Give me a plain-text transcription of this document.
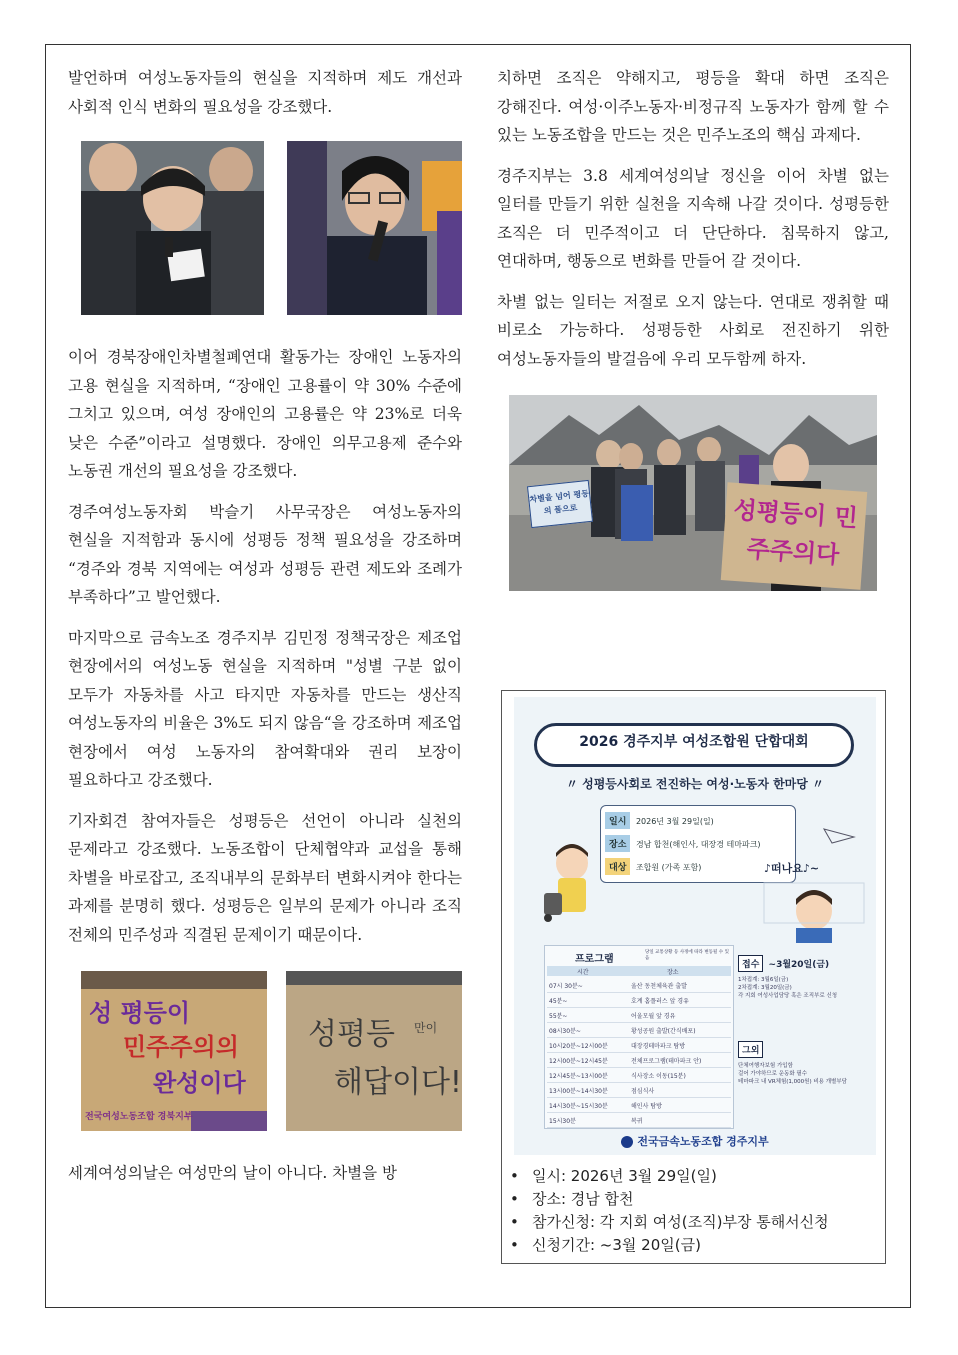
발언하며 여성노동자들의 현실을 지적하며 제도 개선과 사회적 인식 변화의 필요성을 강조했다.

이어 경북장애인차별철폐연대 활동가는 장애인 노동자의 고용 현실을 지적하며, “장애인 고용률이 약 30% 수준에 그치고 있으며, 여성 장애인의 고용률은 약 23%로 더욱 낮은 수준”이라고 설명했다. 장애인 의무고용제 준수와 노동권 개선의 필요성을 강조했다.

경주여성노동자회 박슬기 사무국장은 여성노동자의 현실을 지적함과 동시에 성평등 정책 필요성을 강조하며 “경주와 경북 지역에는 여성과 성평등 관련 제도와 조례가 부족하다”고 발언했다.

마지막으로 금속노조 경주지부 김민정 정책국장은 제조업 현장에서의 여성노동 현실을 지적하며 "성별 구분 없이 모두가 자동차를 사고 타지만 자동차를 만드는 생산직 여성노동자의 비율은 3%도 되지 않음“을 강조하며 제조업 현장에서 여성 노동자의 참여확대와 권리 보장이 필요하다고 강조했다.

기자회견 참여자들은 성평등은 선언이 아니라 실천의 문제라고 강조했다. 노동조합이 단체협약과 교섭을 통해 차별을 바로잡고, 조직내부의 문화부터 변화시켜야 한다는 과제를 분명히 했다. 성평등은 일부의 문제가 아니라 조직 전체의 민주성과 직결된 문제이기 때문이다.

성 평등이
민주주의의
완성이다
전국여성노동조합 경북지부
성평등 만이
해답이다!

세계여성의날은 여성만의 날이 아니다. 차별을 방

치하면 조직은 약해지고, 평등을 확대 하면 조직은 강해진다. 여성·이주노동자·비정규직 노동자가 함께 할 수 있는 노동조합을 만드는 것은 민주노조의 핵심 과제다.

경주지부는 3.8 세계여성의날 정신을 이어 차별 없는 일터를 만들기 위한 실천을 지속해 나갈 것이다. 성평등한 조직은 더 민주적이고 더 단단하다. 침묵하지 않고, 연대하며, 행동으로 변화를 만들어 갈 것이다.

차별 없는 일터는 저절로 오지 않는다. 연대로 쟁취할 때 비로소 가능하다. 성평등한 사회로 전진하기 위한 여성노동자들의 발걸음에 우리 모두함께 하자.

차별을 넘어 평등의 품으로	성평등이 민주주의다
2026 경주지부 여성조합원 단합대회
〃 성평등사회로 전진하는 여성·노동자 한마당 〃
일시 2026년 3월 29일(일)
장소 경남 합천(해인사, 대장경 테마파크)
대상 조합원 (가족 포함)	♪떠나요♪~
프로그램
당일 교통상황 등 사정에 따라 변동될 수 있음
시간	장소
07시 30분~	울산 동천체육관 출발
45분~	호계 홈플러스 앞 경유
55분~	어울모월 앞 경유
08시30분~	황성공원 출발(간식배포)
10시20분~12시00분	대장경테마파크 탐방
12시00분~12시45분	전체프로그램(테마파크 안)
12시45분~13시00분	식사장소 이동(15분)
13시00분~14시30분	점심식사
14시30분~15시30분	해인사 탐방
15시30분	복귀
접수 ~3월20일(금)
1차접계: 3월6일(금)
2차접계: 3월20일(금)
각 지회 여성사업담당 혹은 조직부로 신청
그외
단체여행자보험 가입함
걸어 가야하므로 운동화 필수
테마파크 내 VR체험(1,000원) 비용 개별부담
전국금속노동조합 경주지부
• 일시: 2026년 3월 29일(일)
• 장소: 경남 합천
• 참가신청: 각 지회 여성(조직)부장 통해서신청
• 신청기간: ~3월 20일(금)
